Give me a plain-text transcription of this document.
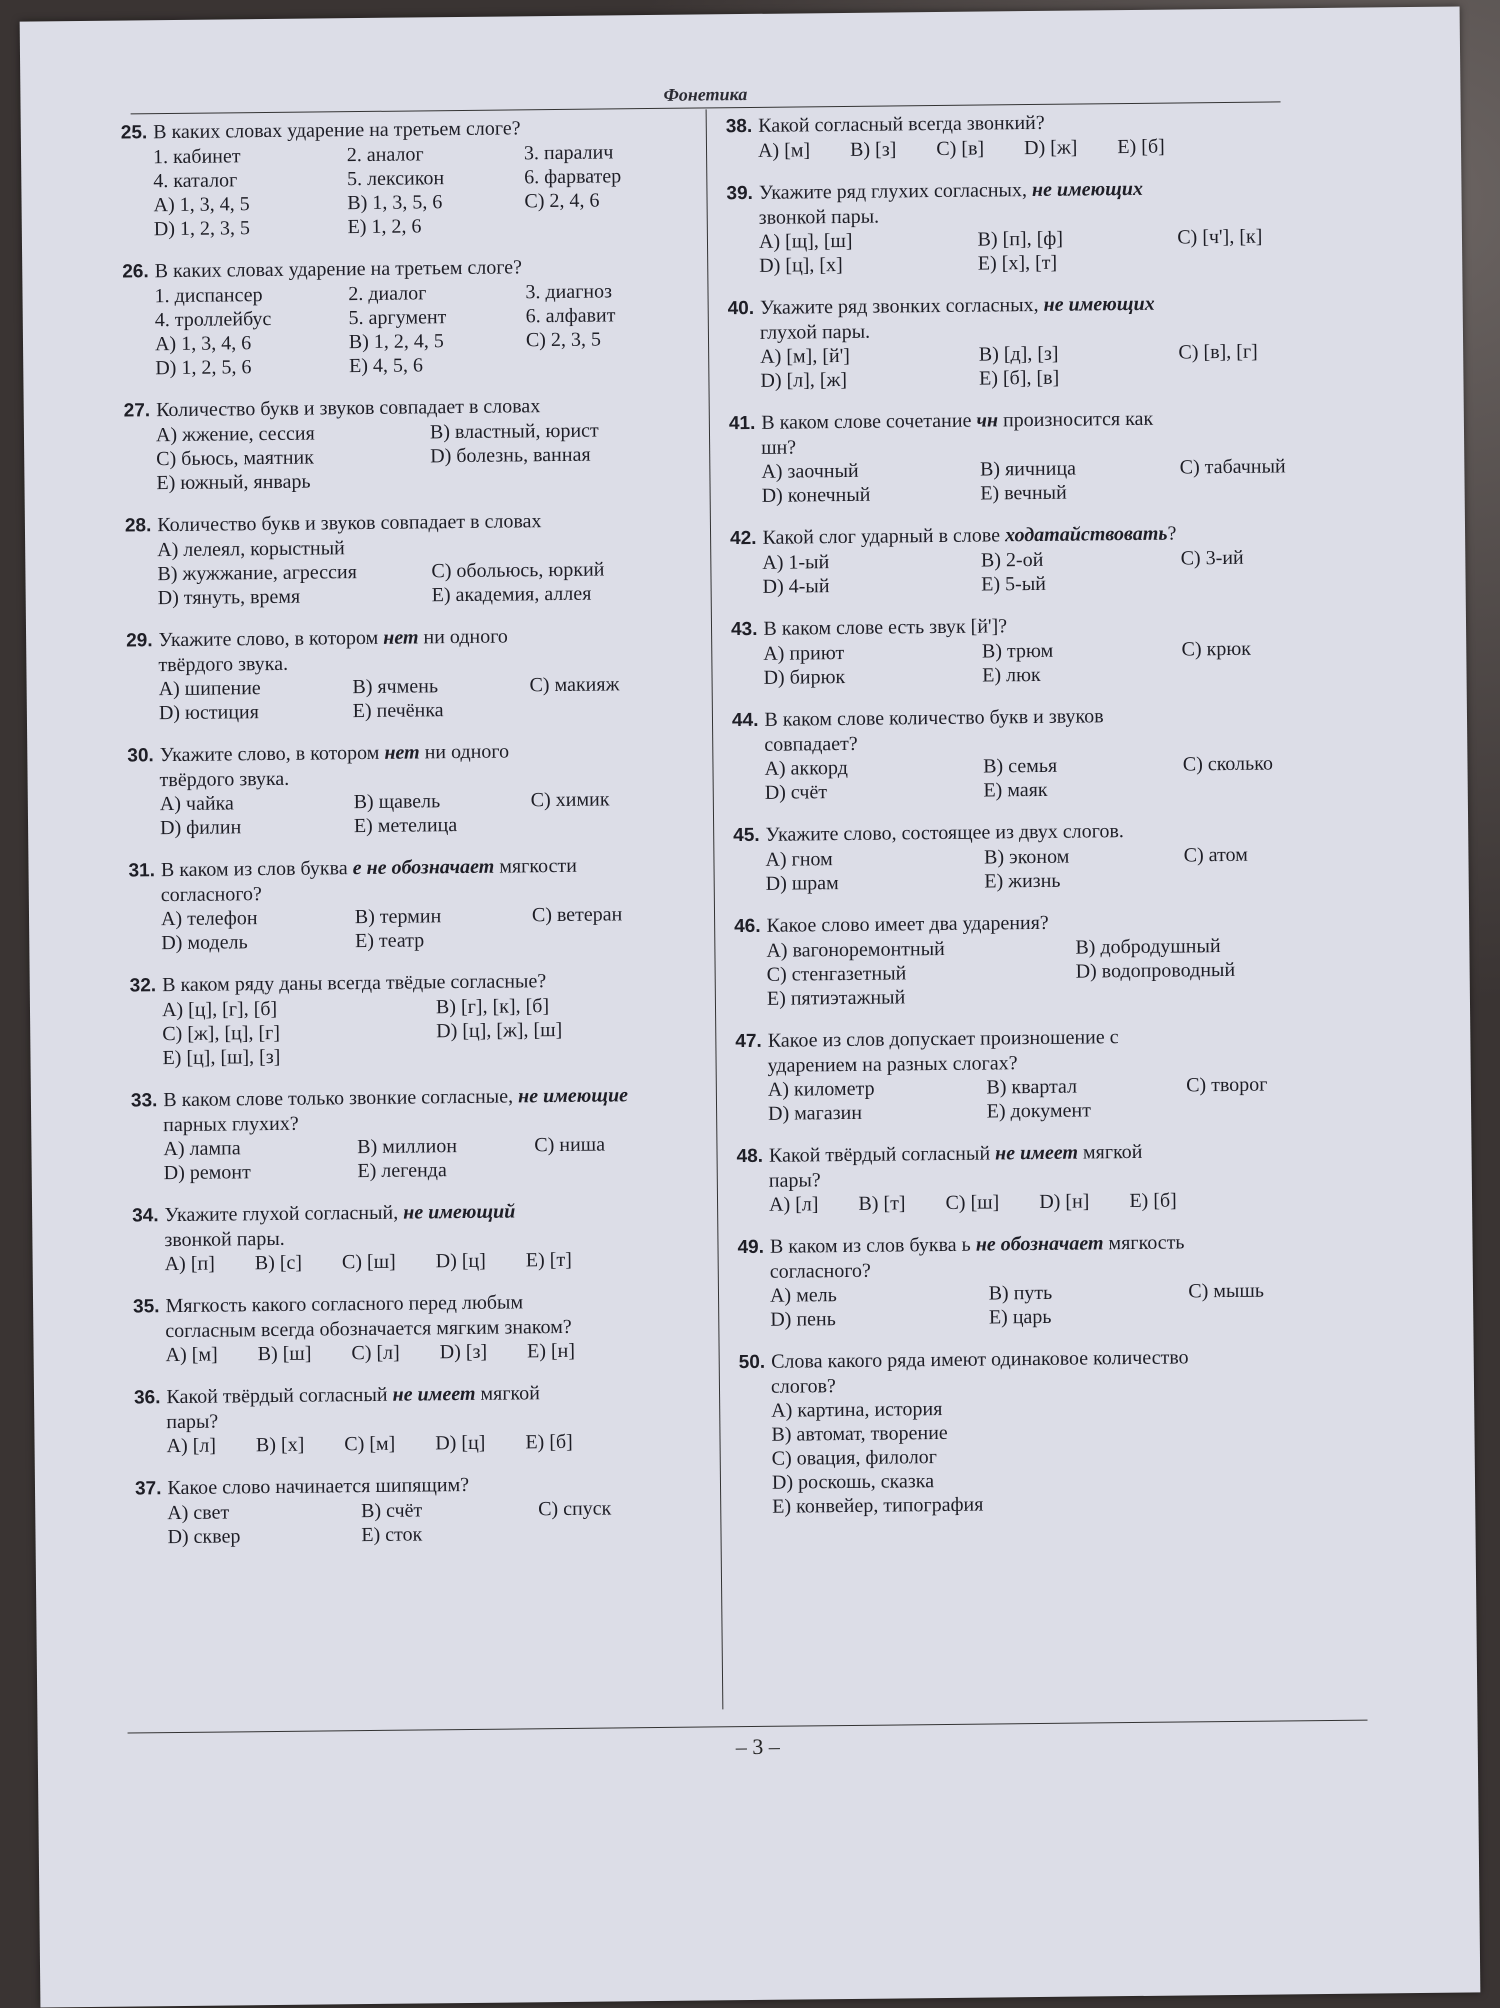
Фонетика
25. В каких словах ударение на третьем слоге?
1. кабинет	2. аналог	3. паралич
4. каталог	5. лексикон	6. фарватер
A) 1, 3, 4, 5	B) 1, 3, 5, 6	C) 2, 4, 6
D) 1, 2, 3, 5	E) 1, 2, 6
26. В каких словах ударение на третьем слоге?
1. диспансер	2. диалог	3. диагноз
4. троллейбус	5. аргумент	6. алфавит
A) 1, 3, 4, 6	B) 1, 2, 4, 5	C) 2, 3, 5
D) 1, 2, 5, 6	E) 4, 5, 6
27. Количество букв и звуков совпадает в словах
A) жжение, сессия	B) властный, юрист
C) бьюсь, маятник	D) болезнь, ванная
E) южный, январь
28. Количество букв и звуков совпадает в словах
A) лелеял, корыстный
B) жужжание, агрессия	C) обольюсь, юркий
D) тянуть, время	E) академия, аллея
29. Укажите слово, в котором нет ни одного
твёрдого звука.
A) шипение	B) ячмень	C) макияж
D) юстиция	E) печёнка
30. Укажите слово, в котором нет ни одного
твёрдого звука.
A) чайка	B) щавель	C) химик
D) филин	E) метелица
31. В каком из слов буква е не обозначает мягкости
согласного?
A) телефон	B) термин	C) ветеран
D) модель	E) театр
32. В каком ряду даны всегда твёдые согласные?
A) [ц], [г], [б]	B) [г], [к], [б]
C) [ж], [ц], [г]	D) [ц], [ж], [ш]
E) [ц], [ш], [з]
33. В каком слове только звонкие согласные, не имеющие
парных глухих?
A) лампа	B) миллион	C) ниша
D) ремонт	E) легенда
34. Укажите глухой согласный, не имеющий
звонкой пары.
A) [п] B) [с] C) [ш] D) [ц] E) [т]
35. Мягкость какого согласного перед любым
согласным всегда обозначается мягким знаком?
A) [м] B) [ш] C) [л] D) [з] E) [н]
36. Какой твёрдый согласный не имеет мягкой
пары?
A) [л] B) [х] C) [м] D) [ц] E) [б]
37. Какое слово начинается шипящим?
A) свет	B) счёт	C) спуск
D) сквер	E) сток
38. Какой согласный всегда звонкий?
A) [м] B) [з] C) [в] D) [ж] E) [б]
39. Укажите ряд глухих согласных, не имеющих
звонкой пары.
A) [щ], [ш]	B) [п], [ф]	C) [ч'], [к]
D) [ц], [х]	E) [х], [т]
40. Укажите ряд звонких согласных, не имеющих
глухой пары.
A) [м], [й']	B) [д], [з]	C) [в], [г]
D) [л], [ж]	E) [б], [в]
41. В каком слове сочетание чн произносится как
шн?
A) заочный	B) яичница	C) табачный
D) конечный	E) вечный
42. Какой слог ударный в слове ходатайствовать?
A) 1-ый	B) 2-ой	C) 3-ий
D) 4-ый	E) 5-ый
43. В каком слове есть звук [й']?
A) приют	B) трюм	C) крюк
D) бирюк	E) люк
44. В каком слове количество букв и звуков
совпадает?
A) аккорд	B) семья	C) сколько
D) счёт	E) маяк
45. Укажите слово, состоящее из двух слогов.
A) гном	B) эконом	C) атом
D) шрам	E) жизнь
46. Какое слово имеет два ударения?
A) вагоноремонтный	B) добродушный
C) стенгазетный	D) водопроводный
E) пятиэтажный
47. Какое из слов допускает произношение с
ударением на разных слогах?
A) километр	B) квартал	C) творог
D) магазин	E) документ
48. Какой твёрдый согласный не имеет мягкой
пары?
A) [л] B) [т] C) [ш] D) [н] E) [б]
49. В каком из слов буква ь не обозначает мягкость
согласного?
A) мель	B) путь	C) мышь
D) пень	E) царь
50. Слова какого ряда имеют одинаковое количество
слогов?
A) картина, история
B) автомат, творение
C) овация, филолог
D) роскошь, сказка
E) конвейер, типография
– 3 –
